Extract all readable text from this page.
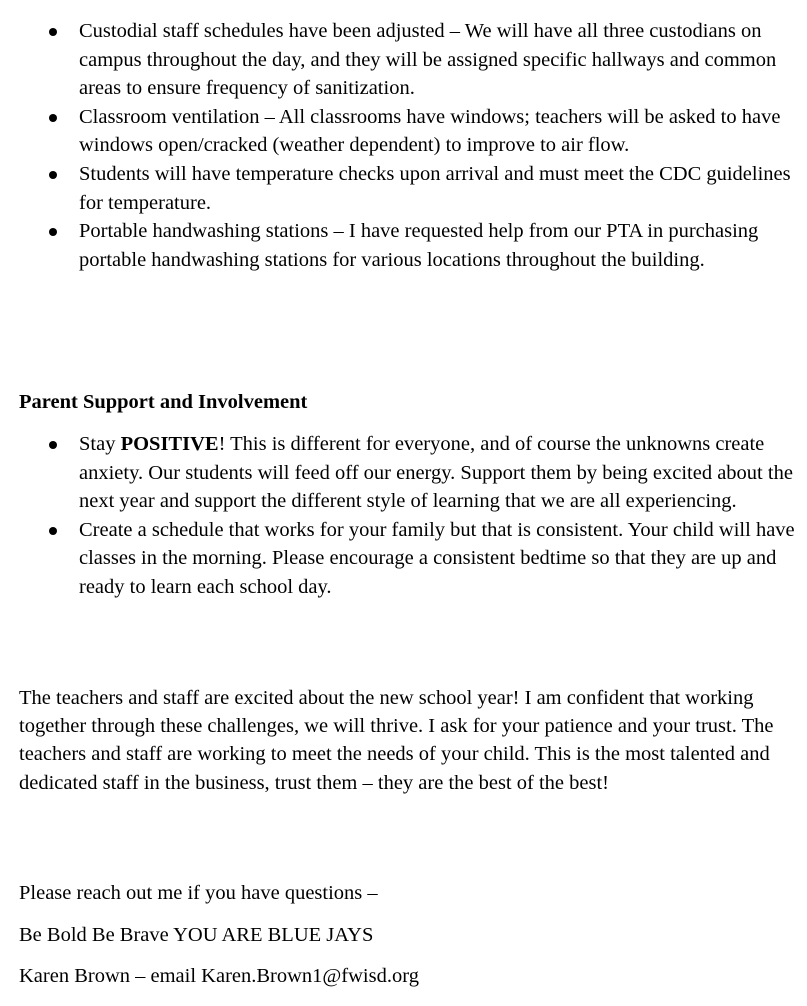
Custodial staff schedules have been adjusted – We will have all three custodians on campus throughout the day, and they will be assigned specific hallways and common areas to ensure frequency of sanitization.
Classroom ventilation – All classrooms have windows; teachers will be asked to have windows open/cracked (weather dependent) to improve to air flow.
Students will have temperature checks upon arrival and must meet the CDC guidelines for temperature.
Portable handwashing stations – I have requested help from our PTA in purchasing portable handwashing stations for various locations throughout the building.
Parent Support and Involvement
Stay POSITIVE! This is different for everyone, and of course the unknowns create anxiety. Our students will feed off our energy. Support them by being excited about the next year and support the different style of learning that we are all experiencing.
Create a schedule that works for your family but that is consistent. Your child will have classes in the morning. Please encourage a consistent bedtime so that they are up and ready to learn each school day.
The teachers and staff are excited about the new school year! I am confident that working together through these challenges, we will thrive. I ask for your patience and your trust. The teachers and staff are working to meet the needs of your child. This is the most talented and dedicated staff in the business, trust them – they are the best of the best!
Please reach out me if you have questions –
Be Bold Be Brave YOU ARE BLUE JAYS
Karen Brown – email Karen.Brown1@fwisd.org
